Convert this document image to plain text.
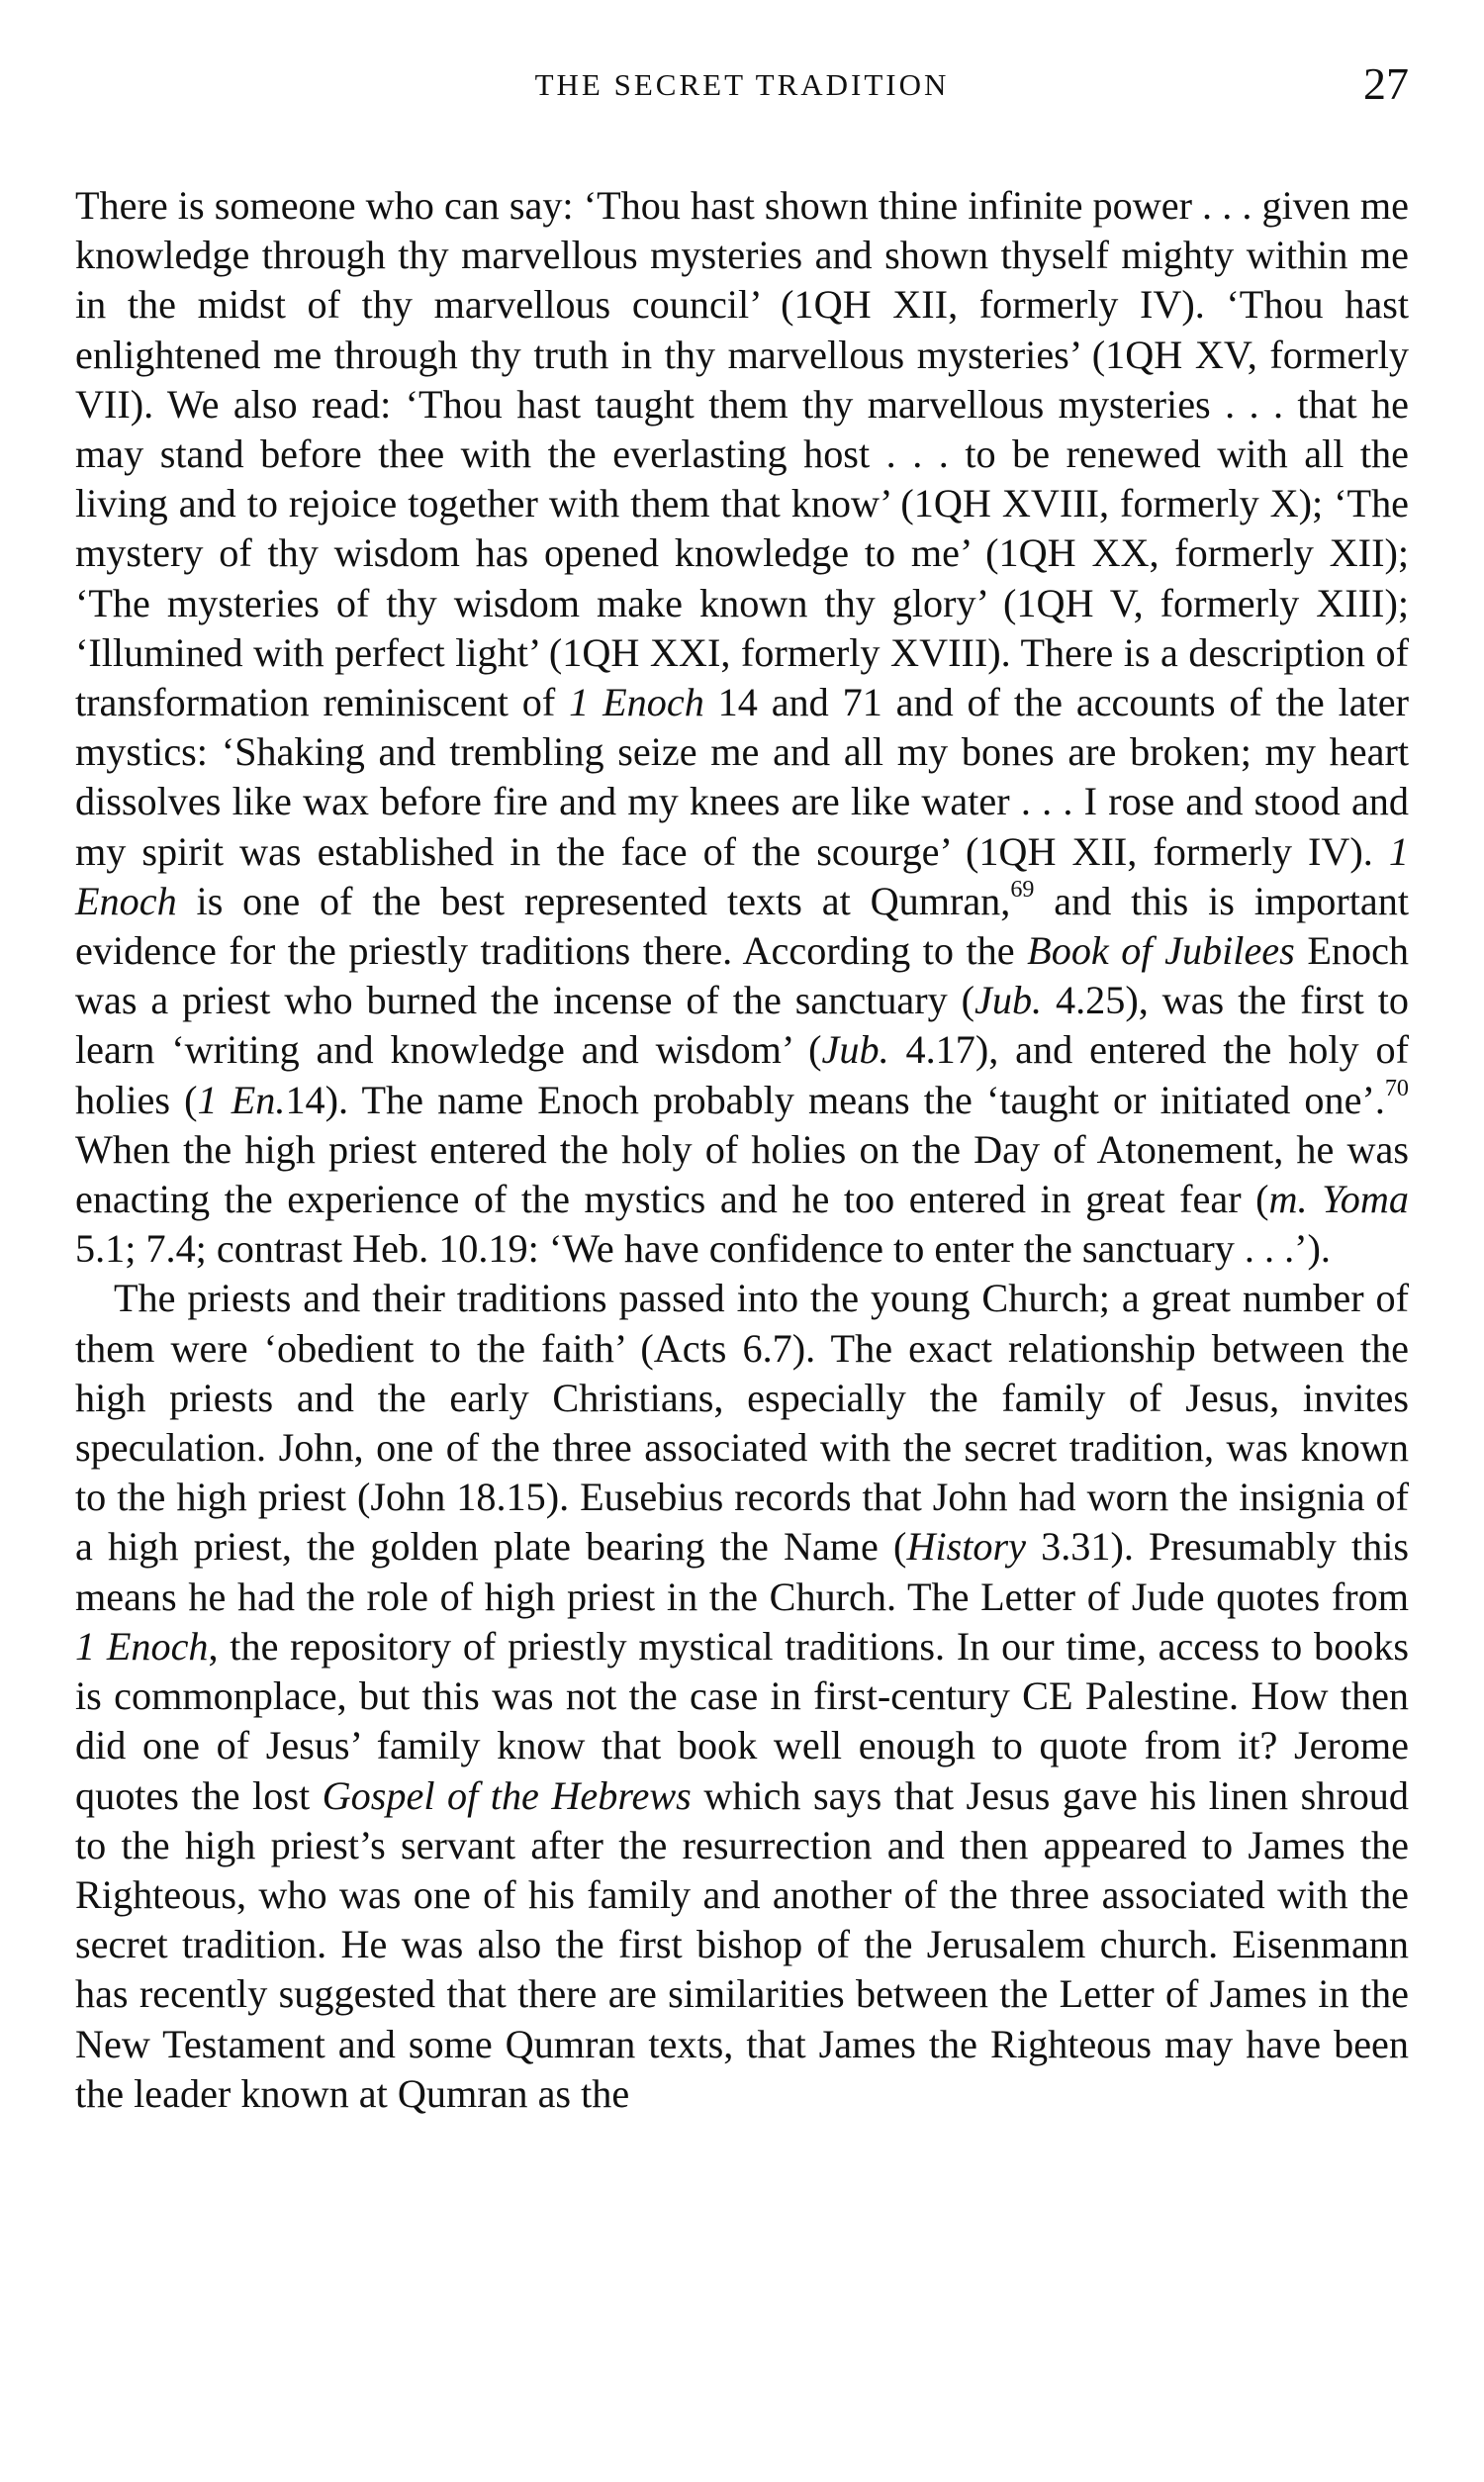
THE SECRET TRADITION	27

There is someone who can say: ‘Thou hast shown thine infinite power . . . given me knowledge through thy marvellous mysteries and shown thyself mighty within me in the midst of thy marvellous council’ (1QH XII, formerly IV). ‘Thou hast enlightened me through thy truth in thy marvellous mysteries’ (1QH XV, formerly VII). We also read: ‘Thou hast taught them thy marvellous mysteries . . . that he may stand before thee with the everlasting host . . . to be renewed with all the living and to rejoice together with them that know’ (1QH XVIII, formerly X); ‘The mystery of thy wisdom has opened knowledge to me’ (1QH XX, formerly XII); ‘The mysteries of thy wisdom make known thy glory’ (1QH V, formerly XIII); ‘Illumined with perfect light’ (1QH XXI, formerly XVIII). There is a description of transformation reminiscent of 1 Enoch 14 and 71 and of the accounts of the later mystics: ‘Shaking and trembling seize me and all my bones are broken; my heart dissolves like wax before fire and my knees are like water . . . I rose and stood and my spirit was established in the face of the scourge’ (1QH XII, formerly IV). 1 Enoch is one of the best represented texts at Qumran,$^{69}$ and this is important evidence for the priestly traditions there. According to the Book of Jubilees Enoch was a priest who burned the incense of the sanctuary (Jub. 4.25), was the first to learn ‘writing and knowledge and wisdom’ (Jub. 4.17), and entered the holy of holies (1 En.14). The name Enoch probably means the ‘taught or initiated one’.$^{70}$ When the high priest entered the holy of holies on the Day of Atonement, he was enacting the experience of the mystics and he too entered in great fear (m. Yoma 5.1; 7.4; contrast Heb. 10.19: ‘We have confidence to enter the sanctuary . . .’).

The priests and their traditions passed into the young Church; a great number of them were ‘obedient to the faith’ (Acts 6.7). The exact relationship between the high priests and the early Christians, especially the family of Jesus, invites speculation. John, one of the three associated with the secret tradition, was known to the high priest (John 18.15). Eusebius records that John had worn the insignia of a high priest, the golden plate bearing the Name (History 3.31). Presumably this means he had the role of high priest in the Church. The Letter of Jude quotes from 1 Enoch, the repository of priestly mystical traditions. In our time, access to books is commonplace, but this was not the case in first-century CE Palestine. How then did one of Jesus’ family know that book well enough to quote from it? Jerome quotes the lost Gospel of the Hebrews which says that Jesus gave his linen shroud to the high priest’s servant after the resurrection and then appeared to James the Righteous, who was one of his family and another of the three associated with the secret tradition. He was also the first bishop of the Jerusalem church. Eisenmann has recently suggested that there are similarities between the Letter of James in the New Testament and some Qumran texts, that James the Righteous may have been the leader known at Qumran as the
